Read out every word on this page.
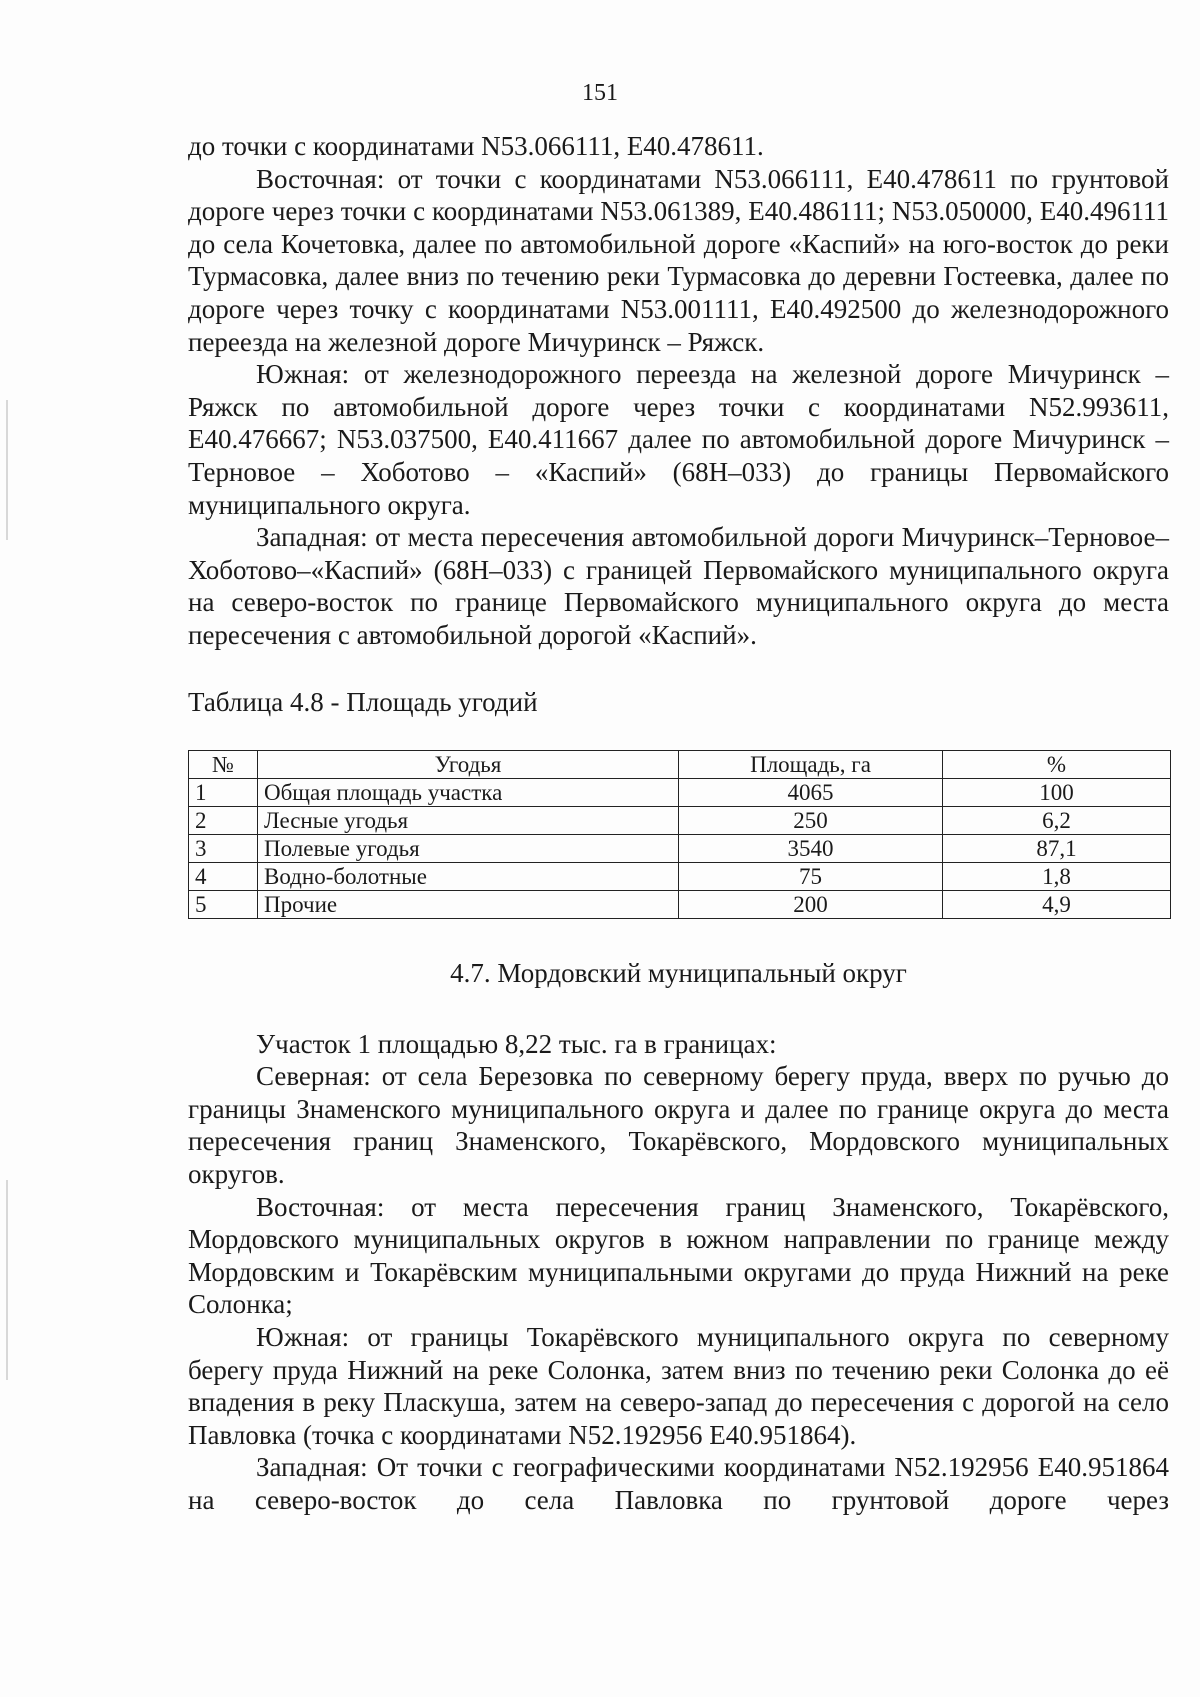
151

до точки с координатами N53.066111, E40.478611.

Восточная: от точки с координатами N53.066111, E40.478611 по грунтовой дороге через точки с координатами N53.061389, E40.486111; N53.050000, E40.496111 до села Кочетовка, далее по автомобильной дороге «Каспий» на юго-восток до реки Турмасовка, далее вниз по течению реки Турмасовка до деревни Гостеевка, далее по дороге через точку с координатами N53.001111, E40.492500 до железнодорожного переезда на железной дороге Мичуринск – Ряжск.

Южная: от железнодорожного переезда на железной дороге Мичуринск – Ряжск по автомобильной дороге через точки с координатами N52.993611, E40.476667; N53.037500, E40.411667 далее по автомобильной дороге Мичуринск – Терновое – Хоботово – «Каспий» (68Н–033) до границы Первомайского муниципального округа.

Западная: от места пересечения автомобильной дороги Мичуринск–Терновое–Хоботово–«Каспий» (68Н–033) с границей Первомайского муниципального округа на северо-восток по границе Первомайского муниципального округа до места пересечения с автомобильной дорогой «Каспий».

Таблица 4.8 - Площадь угодий

№	Угодья	Площадь, га	%
1	Общая площадь участка	4065	100
2	Лесные угодья	250	6,2
3	Полевые угодья	3540	87,1
4	Водно-болотные	75	1,8
5	Прочие	200	4,9

4.7. Мордовский муниципальный округ

Участок 1 площадью 8,22 тыс. га в границах:

Северная: от села Березовка по северному берегу пруда, вверх по ручью до границы Знаменского муниципального округа и далее по границе округа до места пересечения границ Знаменского, Токарёвского, Мордовского муниципальных округов.

Восточная: от места пересечения границ Знаменского, Токарёвского, Мордовского муниципальных округов в южном направлении по границе между Мордовским и Токарёвским муниципальными округами до пруда Нижний на реке Солонка;

Южная: от границы Токарёвского муниципального округа по северному берегу пруда Нижний на реке Солонка, затем вниз по течению реки Солонка до её впадения в реку Пласкуша, затем на северо-запад до пересечения с дорогой на село Павловка (точка с координатами N52.192956 E40.951864).

Западная: От точки с географическими координатами N52.192956 E40.951864 на северо-восток до села Павловка по грунтовой дороге через
